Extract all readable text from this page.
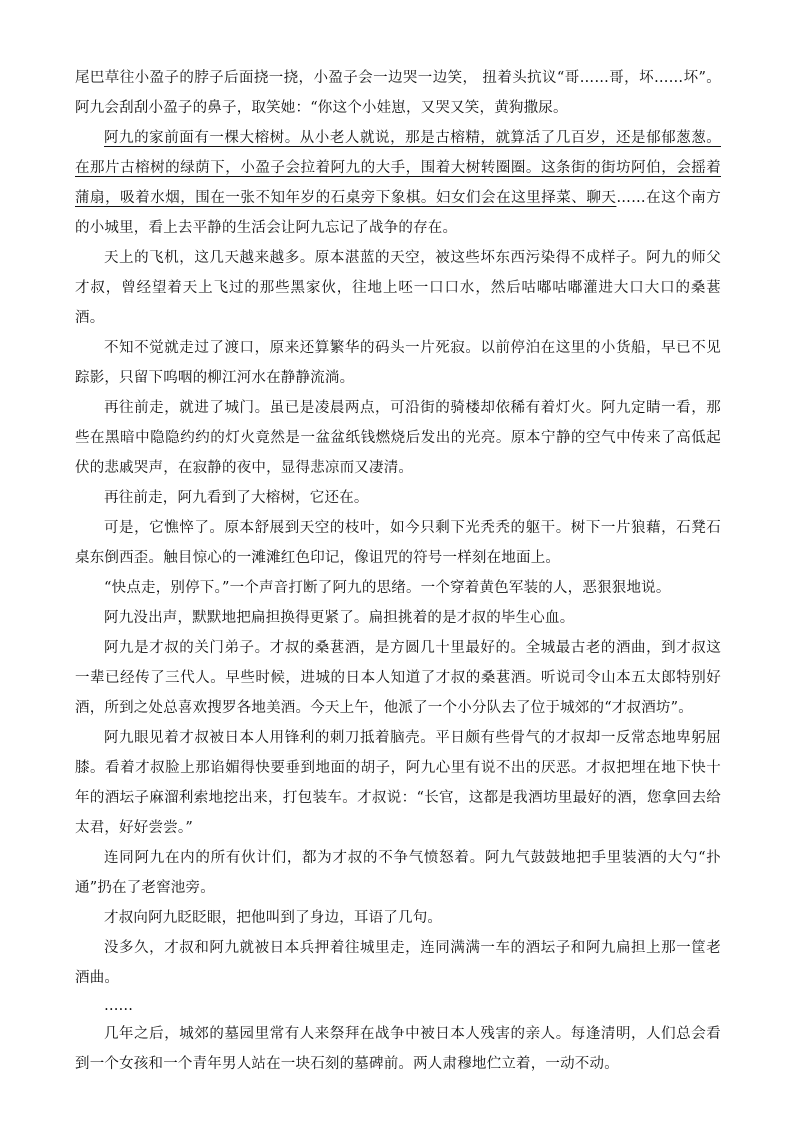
尾巴草往小盈子的脖子后面挠一挠，小盈子会一边哭一边笑， 扭着头抗议“哥……哥，坏……坏”。阿九会刮刮小盈子的鼻子，取笑她：“你这个小娃崽，又哭又笑，黄狗撒尿。

阿九的家前面有一棵大榕树。从小老人就说，那是古榕精，就算活了几百岁，还是郁郁葱葱。在那片古榕树的绿荫下，小盈子会拉着阿九的大手，围着大树转圈圈。这条街的街坊阿伯，会摇着蒲扇，吸着水烟，围在一张不知年岁的石桌旁下象棋。妇女们会在这里择菜、聊天……在这个南方的小城里，看上去平静的生活会让阿九忘记了战争的存在。

天上的飞机，这几天越来越多。原本湛蓝的天空，被这些坏东西污染得不成样子。阿九的师父才叔，曾经望着天上飞过的那些黑家伙，往地上呸一口口水，然后咕嘟咕嘟灌进大口大口的桑葚酒。

不知不觉就走过了渡口，原来还算繁华的码头一片死寂。以前停泊在这里的小货船，早已不见踪影，只留下呜咽的柳江河水在静静流淌。

再往前走，就进了城门。虽已是凌晨两点，可沿街的骑楼却依稀有着灯火。阿九定睛一看，那些在黑暗中隐隐约约的灯火竟然是一盆盆纸钱燃烧后发出的光亮。原本宁静的空气中传来了高低起伏的悲戚哭声，在寂静的夜中，显得悲凉而又凄清。

再往前走，阿九看到了大榕树，它还在。

可是，它憔悴了。原本舒展到天空的枝叶，如今只剩下光秃秃的躯干。树下一片狼藉，石凳石桌东倒西歪。触目惊心的一滩滩红色印记，像诅咒的符号一样刻在地面上。

“快点走，别停下。”一个声音打断了阿九的思绪。一个穿着黄色军装的人，恶狠狠地说。

阿九没出声，默默地把扁担换得更紧了。扁担挑着的是才叔的毕生心血。

阿九是才叔的关门弟子。才叔的桑葚酒，是方圆几十里最好的。全城最古老的酒曲，到才叔这一辈已经传了三代人。早些时候，进城的日本人知道了才叔的桑葚酒。听说司令山本五太郎特别好酒，所到之处总喜欢搜罗各地美酒。今天上午，他派了一个小分队去了位于城郊的“才叔酒坊”。

阿九眼见着才叔被日本人用锋利的刺刀抵着脑壳。平日颇有些骨气的才叔却一反常态地卑躬屈膝。看着才叔脸上那谄媚得快要垂到地面的胡子，阿九心里有说不出的厌恶。才叔把埋在地下快十年的酒坛子麻溜利索地挖出来，打包装车。才叔说：“长官，这都是我酒坊里最好的酒，您拿回去给太君，好好尝尝。”

连同阿九在内的所有伙计们，都为才叔的不争气愤怒着。阿九气鼓鼓地把手里装酒的大勺“扑通”扔在了老窖池旁。

才叔向阿九眨眨眼，把他叫到了身边，耳语了几句。

没多久，才叔和阿九就被日本兵押着往城里走，连同满满一车的酒坛子和阿九扁担上那一筐老酒曲。

……

几年之后，城郊的墓园里常有人来祭拜在战争中被日本人残害的亲人。每逢清明，人们总会看到一个女孩和一个青年男人站在一块石刻的墓碑前。两人肃穆地伫立着，一动不动。
